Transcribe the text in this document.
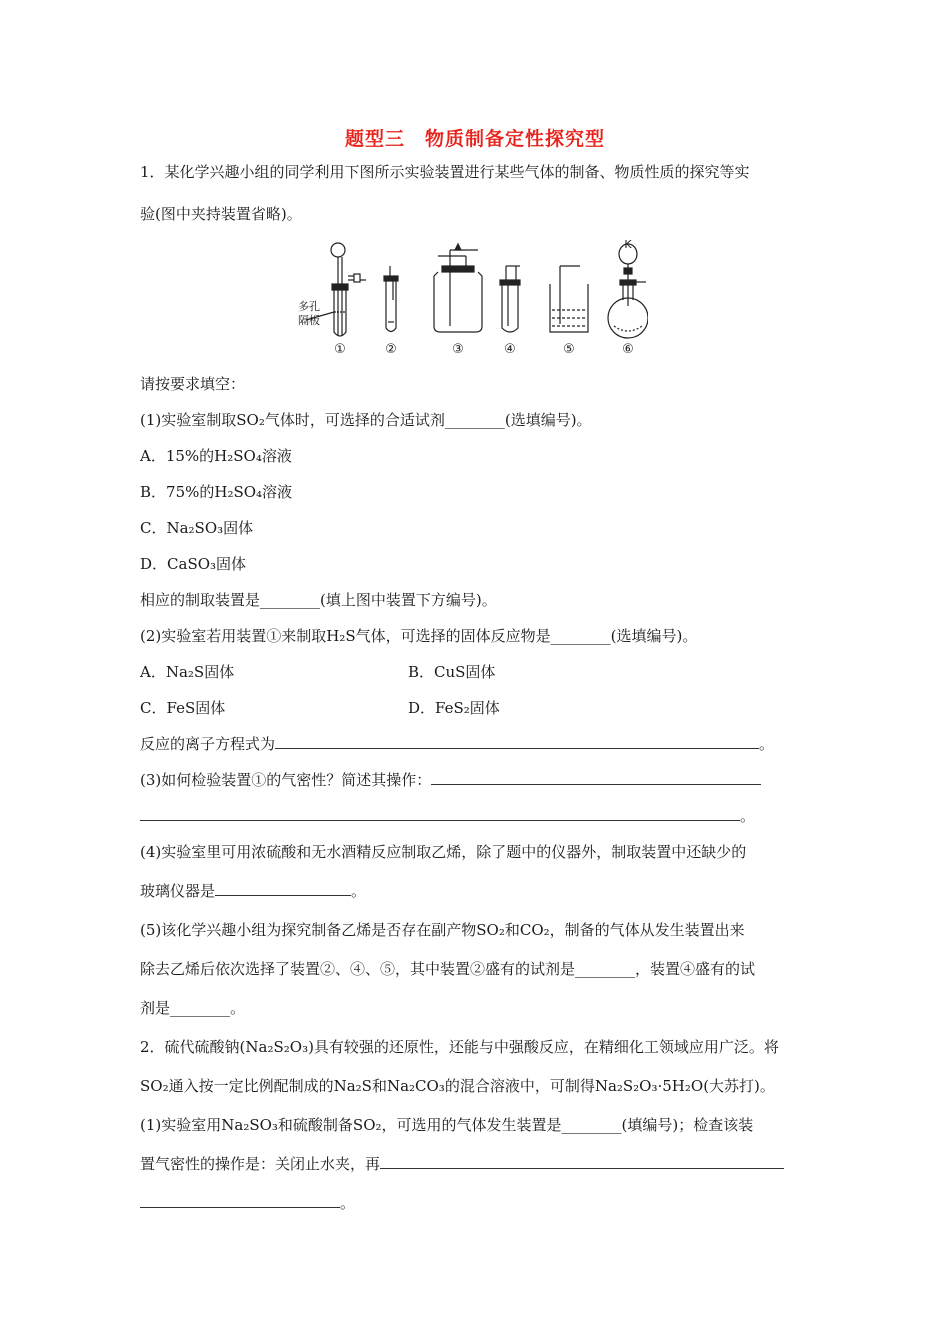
题型三　物质制备定性探究型
1．某化学兴趣小组的同学利用下图所示实验装置进行某些气体的制备、物质性质的探究等实
验(图中夹持装置省略)。
K
多孔
隔板
①	②	③	④	⑤	⑥
请按要求填空：
(1)实验室制取SO₂气体时，可选择的合适试剂________(选填编号)。
A．15%的H₂SO₄溶液
B．75%的H₂SO₄溶液
C．Na₂SO₃固体
D．CaSO₃固体
相应的制取装置是________(填上图中装置下方编号)。
(2)实验室若用装置①来制取H₂S气体，可选择的固体反应物是________(选填编号)。
A．Na₂S固体	B．CuS固体
C．FeS固体	D．FeS₂固体
反应的离子方程式为	。
(3)如何检验装置①的气密性？简述其操作：
。
(4)实验室里可用浓硫酸和无水酒精反应制取乙烯，除了题中的仪器外，制取装置中还缺少的
玻璃仪器是	。
(5)该化学兴趣小组为探究制备乙烯是否存在副产物SO₂和CO₂，制备的气体从发生装置出来
除去乙烯后依次选择了装置②、④、⑤，其中装置②盛有的试剂是________，装置④盛有的试
剂是________。
2．硫代硫酸钠(Na₂S₂O₃)具有较强的还原性，还能与中强酸反应，在精细化工领域应用广泛。将
SO₂通入按一定比例配制成的Na₂S和Na₂CO₃的混合溶液中，可制得Na₂S₂O₃·5H₂O(大苏打)。
(1)实验室用Na₂SO₃和硫酸制备SO₂，可选用的气体发生装置是________(填编号)；检查该装
置气密性的操作是：关闭止水夹，再
。
